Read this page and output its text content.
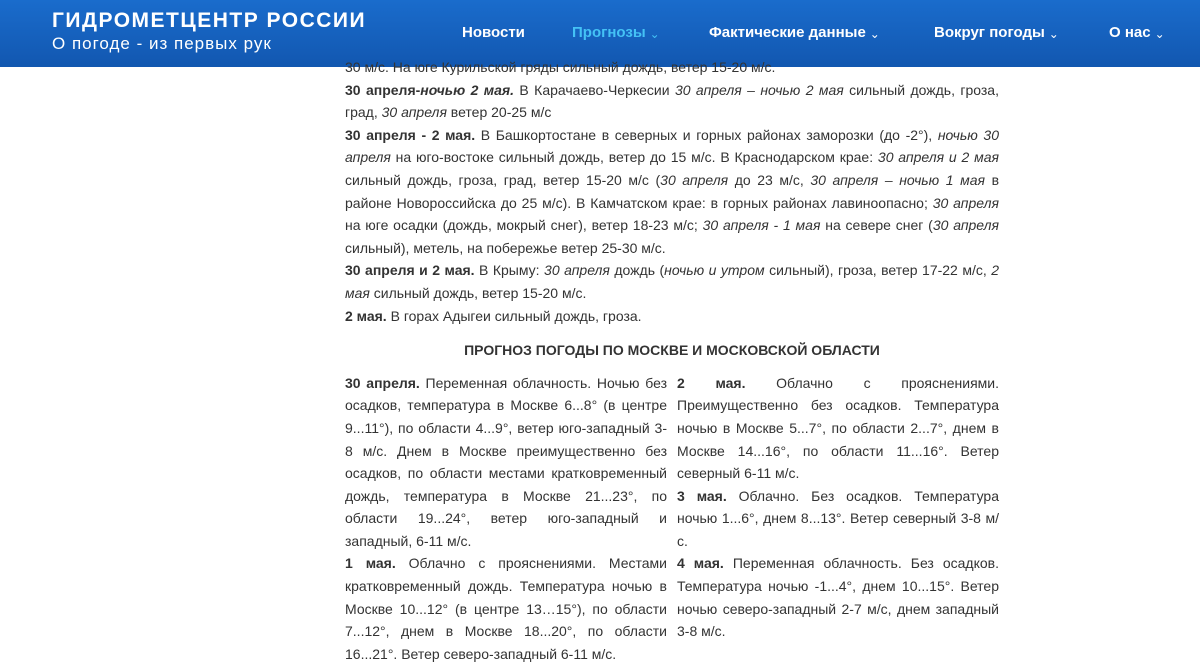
ГИДРОМЕТЦЕНТР РОССИИ
О погоде - из первых рук
Новости	Прогнозы ⌄	Фактические данные ⌄	Вокруг погоды ⌄	О нас ⌄

30 м/с. На юге Курильской гряды сильный дождь, ветер 15-20 м/с.

30 апреля-ночью 2 мая. В Карачаево-Черкесии 30 апреля – ночью 2 мая сильный дождь, гроза, град, 30 апреля ветер 20-25 м/с

30 апреля - 2 мая. В Башкортостане в северных и горных районах заморозки (до -2°), ночью 30 апреля на юго-востоке сильный дождь, ветер до 15 м/с. В Краснодарском крае: 30 апреля и 2 мая сильный дождь, гроза, град, ветер 15-20 м/с (30 апреля до 23 м/с, 30 апреля – ночью 1 мая в районе Новороссийска до 25 м/с). В Камчатском крае: в горных районах лавиноопасно; 30 апреля на юге осадки (дождь, мокрый снег), ветер 18-23 м/с; 30 апреля - 1 мая на севере снег (30 апреля сильный), метель, на побережье ветер 25-30 м/с.

30 апреля и 2 мая. В Крыму: 30 апреля дождь (ночью и утром сильный), гроза, ветер 17-22 м/с, 2 мая сильный дождь, ветер 15-20 м/с.

2 мая. В горах Адыгеи сильный дождь, гроза.

ПРОГНОЗ ПОГОДЫ ПО МОСКВЕ И МОСКОВСКОЙ ОБЛАСТИ

30 апреля. Переменная облачность. Ночью без осадков, температура в Москве 6...8° (в центре 9...11°), по области 4...9°, ветер юго-западный 3-8 м/с. Днем в Москве преимущественно без осадков, по области местами кратковременный дождь, температура в Москве 21...23°, по области 19...24°, ветер юго-западный и западный, 6-11 м/с.

1 мая. Облачно с прояснениями. Местами кратковременный дождь. Температура ночью в Москве 10...12° (в центре 13…15°), по области 7...12°, днем в Москве 18...20°, по области 16...21°. Ветер северо-западный 6-11 м/с.

2 мая. Облачно с прояснениями. Преимущественно без осадков. Температура ночью в Москве 5...7°, по области 2...7°, днем в Москве 14...16°, по области 11...16°. Ветер северный 6-11 м/с.

3 мая. Облачно. Без осадков. Температура ночью 1...6°, днем 8...13°. Ветер северный 3-8 м/с.

4 мая. Переменная облачность. Без осадков. Температура ночью -1...4°, днем 10...15°. Ветер ночью северо-западный 2-7 м/с, днем западный 3-8 м/с.
